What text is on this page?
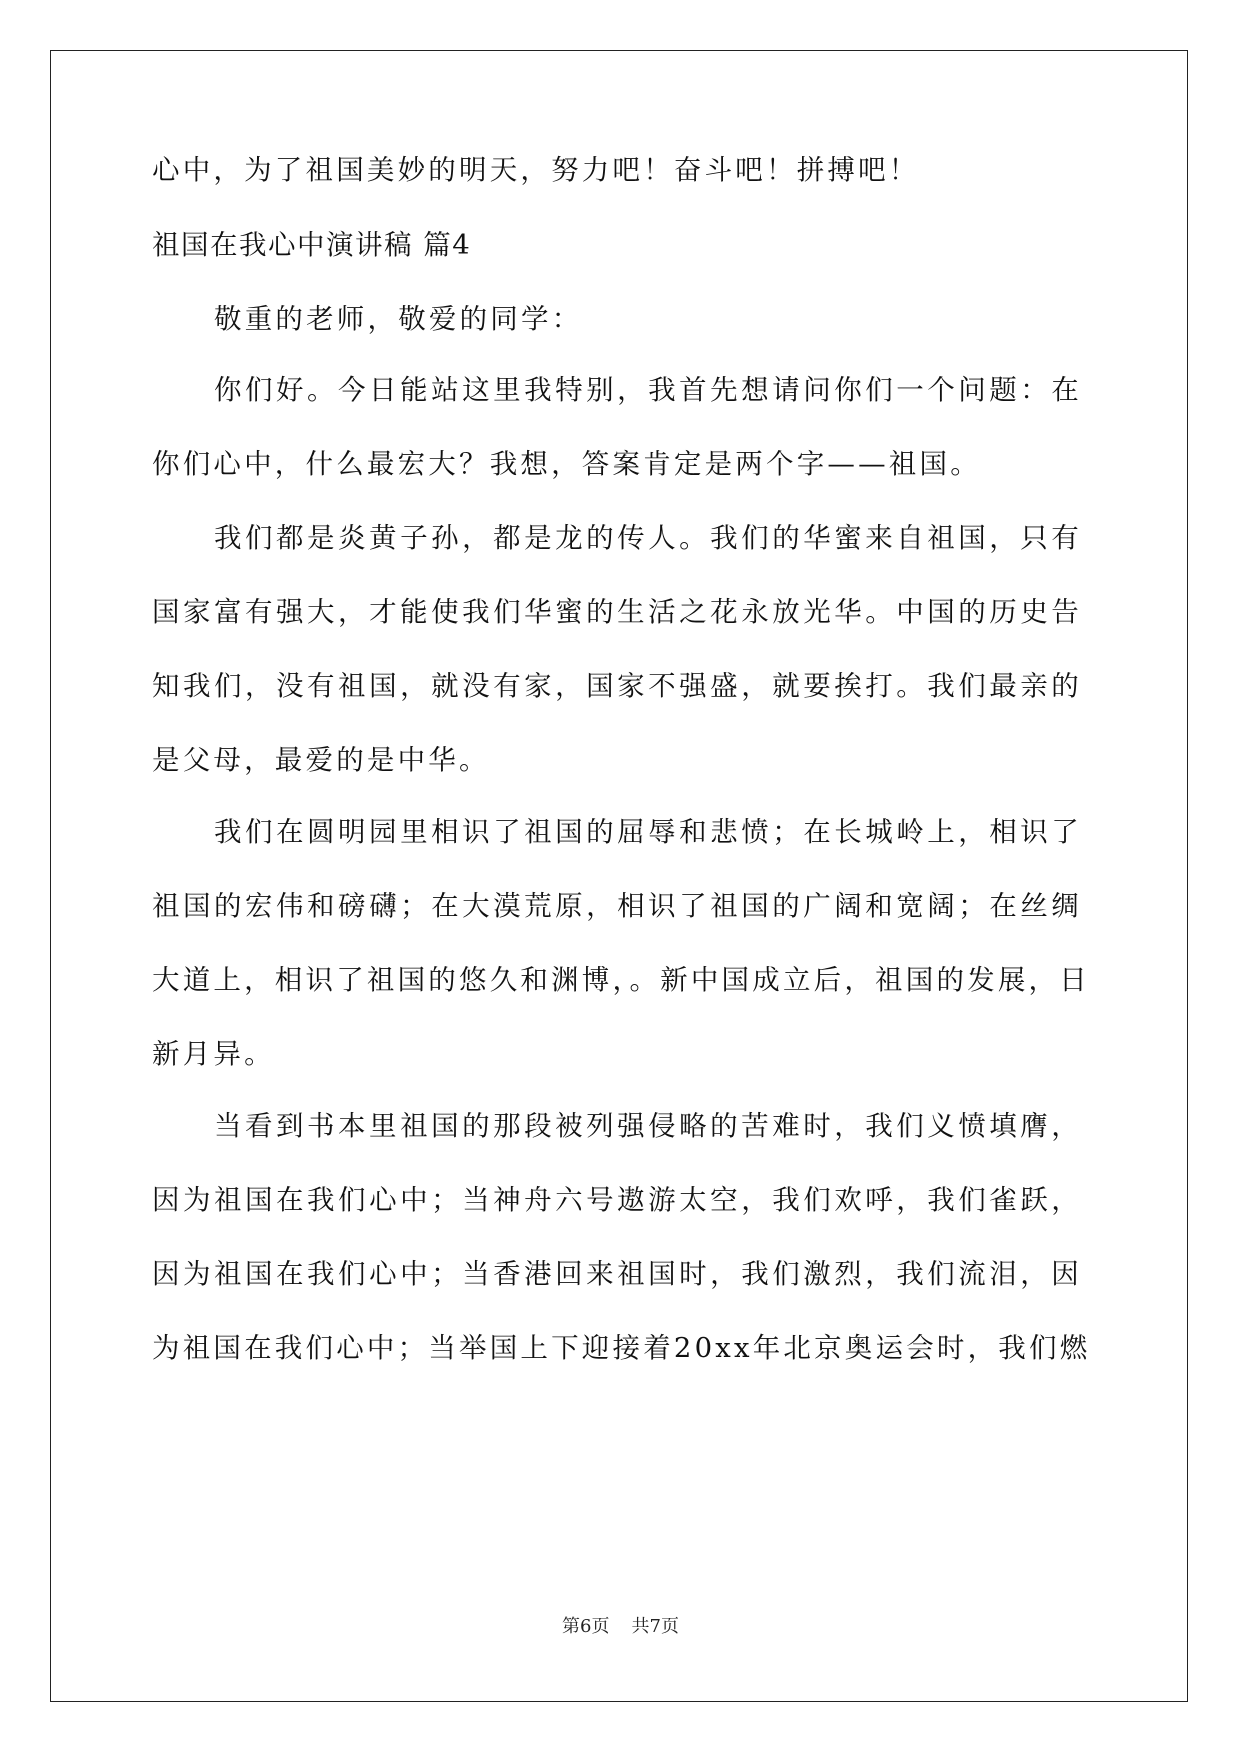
心中，为了祖国美妙的明天，努力吧！奋斗吧！拼搏吧！
祖国在我心中演讲稿 篇4
敬重的老师，敬爱的同学：
你们好。今日能站这里我特别，我首先想请问你们一个问题：在
你们心中，什么最宏大？我想，答案肯定是两个字——祖国。
我们都是炎黄子孙，都是龙的传人。我们的华蜜来自祖国，只有
国家富有强大，才能使我们华蜜的生活之花永放光华。中国的历史告
知我们，没有祖国，就没有家，国家不强盛，就要挨打。我们最亲的
是父母，最爱的是中华。
我们在圆明园里相识了祖国的屈辱和悲愤；在长城岭上，相识了
祖国的宏伟和磅礴；在大漠荒原，相识了祖国的广阔和宽阔；在丝绸
大道上，相识了祖国的悠久和渊博，。新中国成立后，祖国的发展，日
新月异。
当看到书本里祖国的那段被列强侵略的苦难时，我们义愤填膺，
因为祖国在我们心中；当神舟六号遨游太空，我们欢呼，我们雀跃，
因为祖国在我们心中；当香港回来祖国时，我们激烈，我们流泪，因
为祖国在我们心中；当举国上下迎接着20xx年北京奥运会时，我们燃
第6页 共7页
